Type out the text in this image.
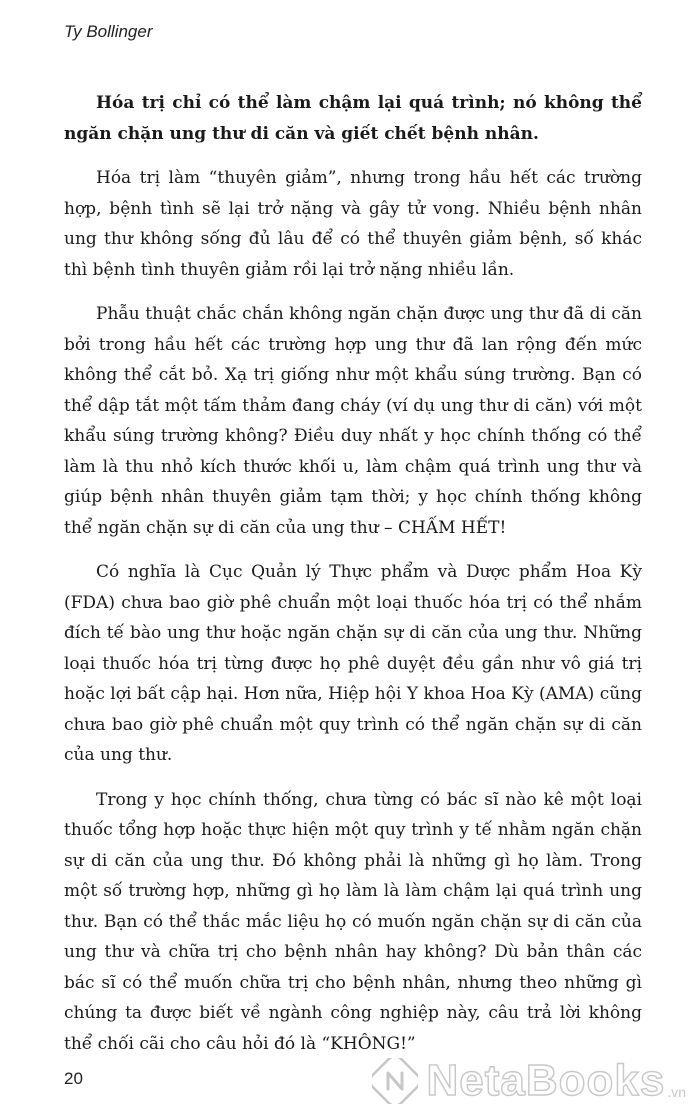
Ty Bollinger

Hóa trị chỉ có thể làm chậm lại quá trình; nó không thể ngăn chặn ung thư di căn và giết chết bệnh nhân.

Hóa trị làm “thuyên giảm”, nhưng trong hầu hết các trường hợp, bệnh tình sẽ lại trở nặng và gây tử vong. Nhiều bệnh nhân ung thư không sống đủ lâu để có thể thuyên giảm bệnh, số khác thì bệnh tình thuyên giảm rồi lại trở nặng nhiều lần.

Phẫu thuật chắc chắn không ngăn chặn được ung thư đã di căn bởi trong hầu hết các trường hợp ung thư đã lan rộng đến mức không thể cắt bỏ. Xạ trị giống như một khẩu súng trường. Bạn có thể dập tắt một tấm thảm đang cháy (ví dụ ung thư di căn) với một khẩu súng trường không? Điều duy nhất y học chính thống có thể làm là thu nhỏ kích thước khối u, làm chậm quá trình ung thư và giúp bệnh nhân thuyên giảm tạm thời; y học chính thống không thể ngăn chặn sự di căn của ung thư – CHẤM HẾT!

Có nghĩa là Cục Quản lý Thực phẩm và Dược phẩm Hoa Kỳ (FDA) chưa bao giờ phê chuẩn một loại thuốc hóa trị có thể nhắm đích tế bào ung thư hoặc ngăn chặn sự di căn của ung thư. Những loại thuốc hóa trị từng được họ phê duyệt đều gần như vô giá trị hoặc lợi bất cập hại. Hơn nữa, Hiệp hội Y khoa Hoa Kỳ (AMA) cũng chưa bao giờ phê chuẩn một quy trình có thể ngăn chặn sự di căn của ung thư.

Trong y học chính thống, chưa từng có bác sĩ nào kê một loại thuốc tổng hợp hoặc thực hiện một quy trình y tế nhằm ngăn chặn sự di căn của ung thư. Đó không phải là những gì họ làm. Trong một số trường hợp, những gì họ làm là làm chậm lại quá trình ung thư. Bạn có thể thắc mắc liệu họ có muốn ngăn chặn sự di căn của ung thư và chữa trị cho bệnh nhân hay không? Dù bản thân các bác sĩ có thể muốn chữa trị cho bệnh nhân, nhưng theo những gì chúng ta được biết về ngành công nghiệp này, câu trả lời không thể chối cãi cho câu hỏi đó là “KHÔNG!”

20	NetaBooks .vn
